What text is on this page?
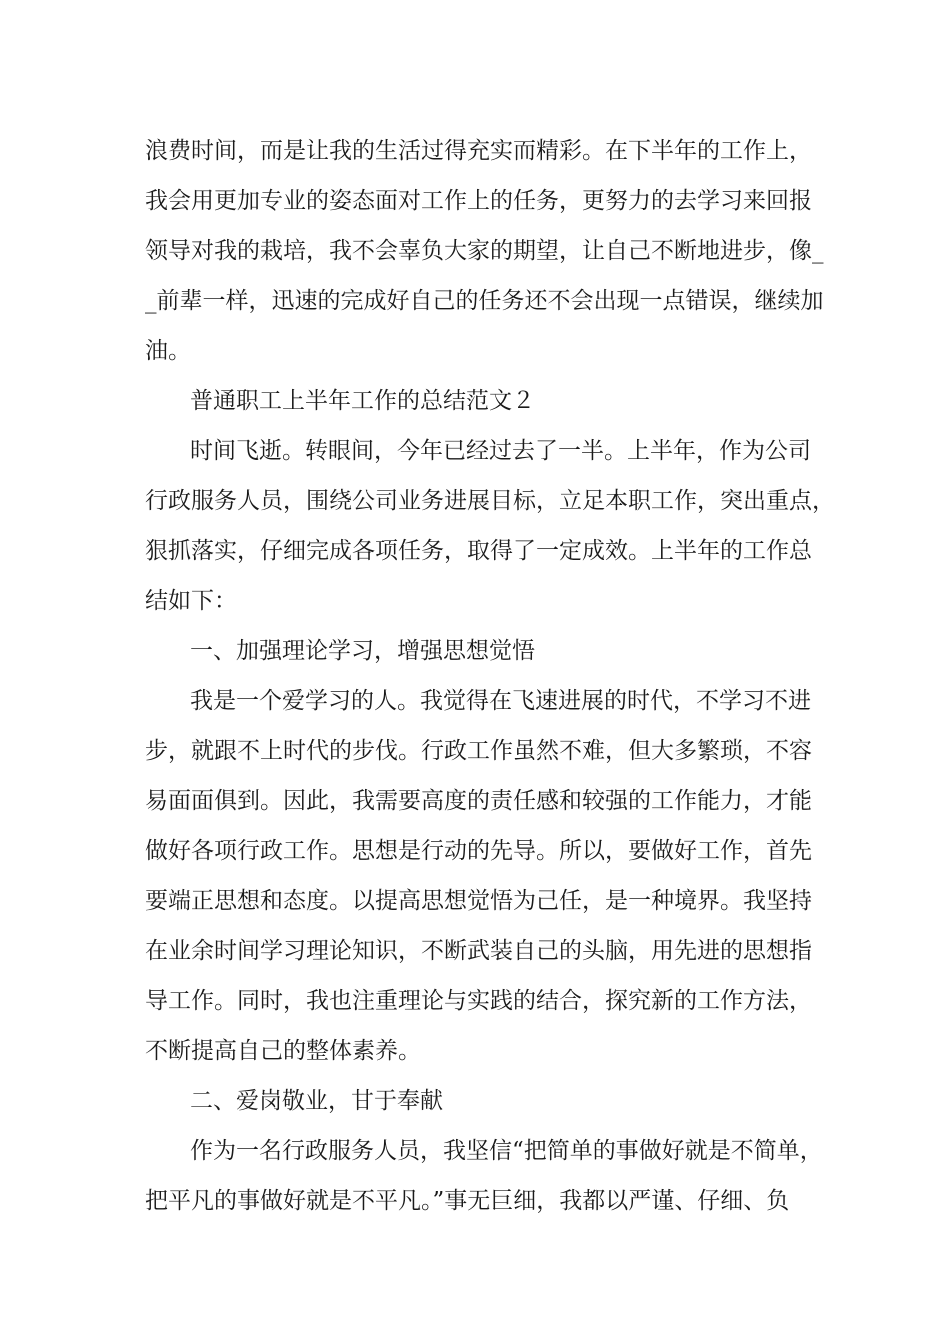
浪费时间，而是让我的生活过得充实而精彩。在下半年的工作上，

我会用更加专业的姿态面对工作上的任务，更努力的去学习来回报

领导对我的栽培，我不会辜负大家的期望，让自己不断地进步，像_

_前辈一样，迅速的完成好自己的任务还不会出现一点错误，继续加

油。

普通职工上半年工作的总结范文２

时间飞逝。转眼间，今年已经过去了一半。上半年，作为公司

行政服务人员，围绕公司业务进展目标，立足本职工作，突出重点，

狠抓落实，仔细完成各项任务，取得了一定成效。上半年的工作总

结如下：

一、加强理论学习，增强思想觉悟

我是一个爱学习的人。我觉得在飞速进展的时代，不学习不进

步，就跟不上时代的步伐。行政工作虽然不难，但大多繁琐，不容

易面面俱到。因此，我需要高度的责任感和较强的工作能力，才能

做好各项行政工作。思想是行动的先导。所以，要做好工作，首先

要端正思想和态度。以提高思想觉悟为己任，是一种境界。我坚持

在业余时间学习理论知识，不断武装自己的头脑，用先进的思想指

导工作。同时，我也注重理论与实践的结合，探究新的工作方法，

不断提高自己的整体素养。

二、爱岗敬业，甘于奉献

作为一名行政服务人员，我坚信“把简单的事做好就是不简单，

把平凡的事做好就是不平凡。”事无巨细，我都以严谨、仔细、负
